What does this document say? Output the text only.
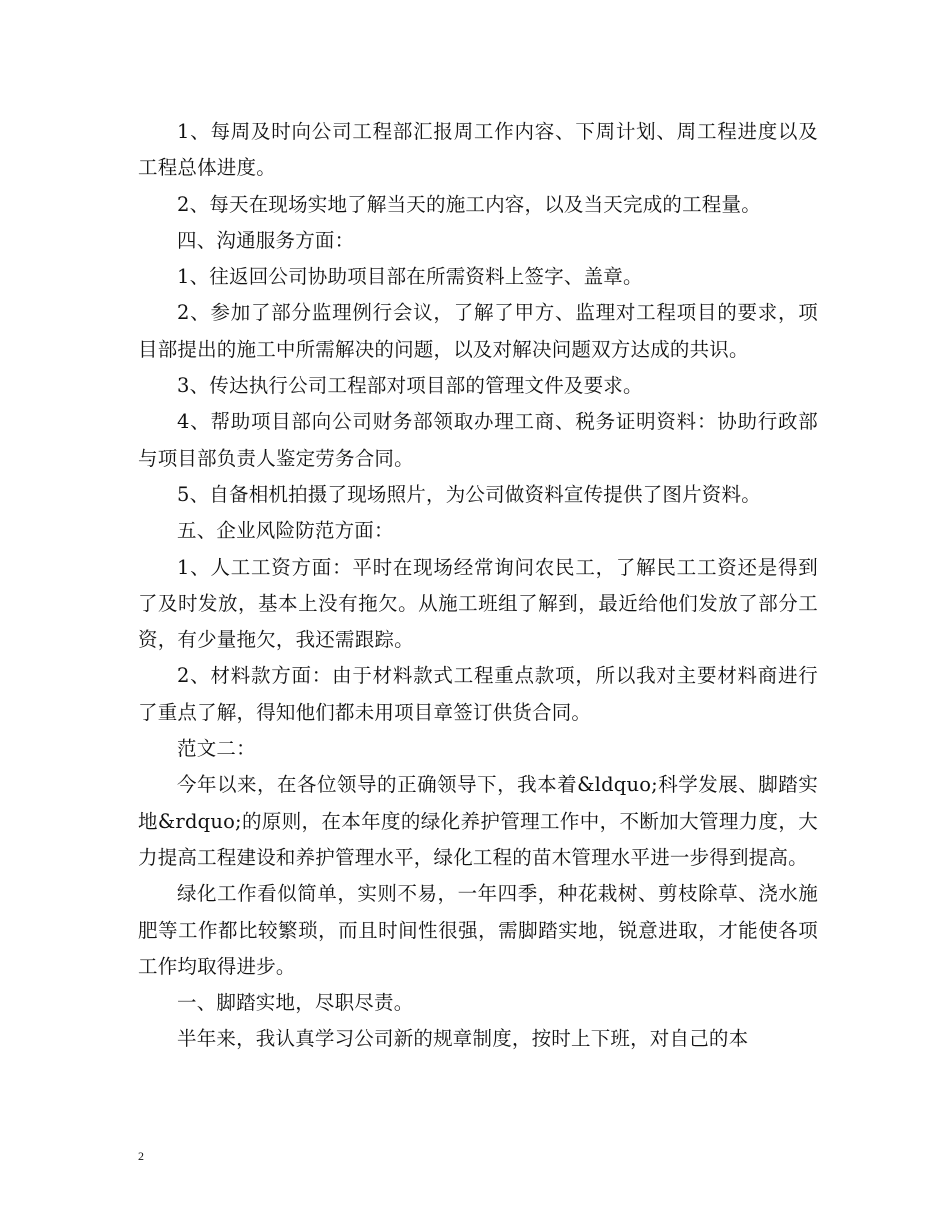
1、每周及时向公司工程部汇报周工作内容、下周计划、周工程进度以及工程总体进度。

2、每天在现场实地了解当天的施工内容，以及当天完成的工程量。

四、沟通服务方面：

1、往返回公司协助项目部在所需资料上签字、盖章。

2、参加了部分监理例行会议，了解了甲方、监理对工程项目的要求，项目部提出的施工中所需解决的问题，以及对解决问题双方达成的共识。

3、传达执行公司工程部对项目部的管理文件及要求。

4、帮助项目部向公司财务部领取办理工商、税务证明资料：协助行政部与项目部负责人鉴定劳务合同。

5、自备相机拍摄了现场照片，为公司做资料宣传提供了图片资料。

五、企业风险防范方面：

1、人工工资方面：平时在现场经常询问农民工，了解民工工资还是得到了及时发放，基本上没有拖欠。从施工班组了解到，最近给他们发放了部分工资，有少量拖欠，我还需跟踪。

2、材料款方面：由于材料款式工程重点款项，所以我对主要材料商进行了重点了解，得知他们都未用项目章签订供货合同。

范文二：

今年以来，在各位领导的正确领导下，我本着&ldquo;科学发展、脚踏实地&rdquo;的原则，在本年度的绿化养护管理工作中，不断加大管理力度，大力提高工程建设和养护管理水平，绿化工程的苗木管理水平进一步得到提高。

绿化工作看似简单，实则不易，一年四季，种花栽树、剪枝除草、浇水施肥等工作都比较繁琐，而且时间性很强，需脚踏实地，锐意进取，才能使各项工作均取得进步。

一、脚踏实地，尽职尽责。

半年来，我认真学习公司新的规章制度，按时上下班，对自己的本

2
